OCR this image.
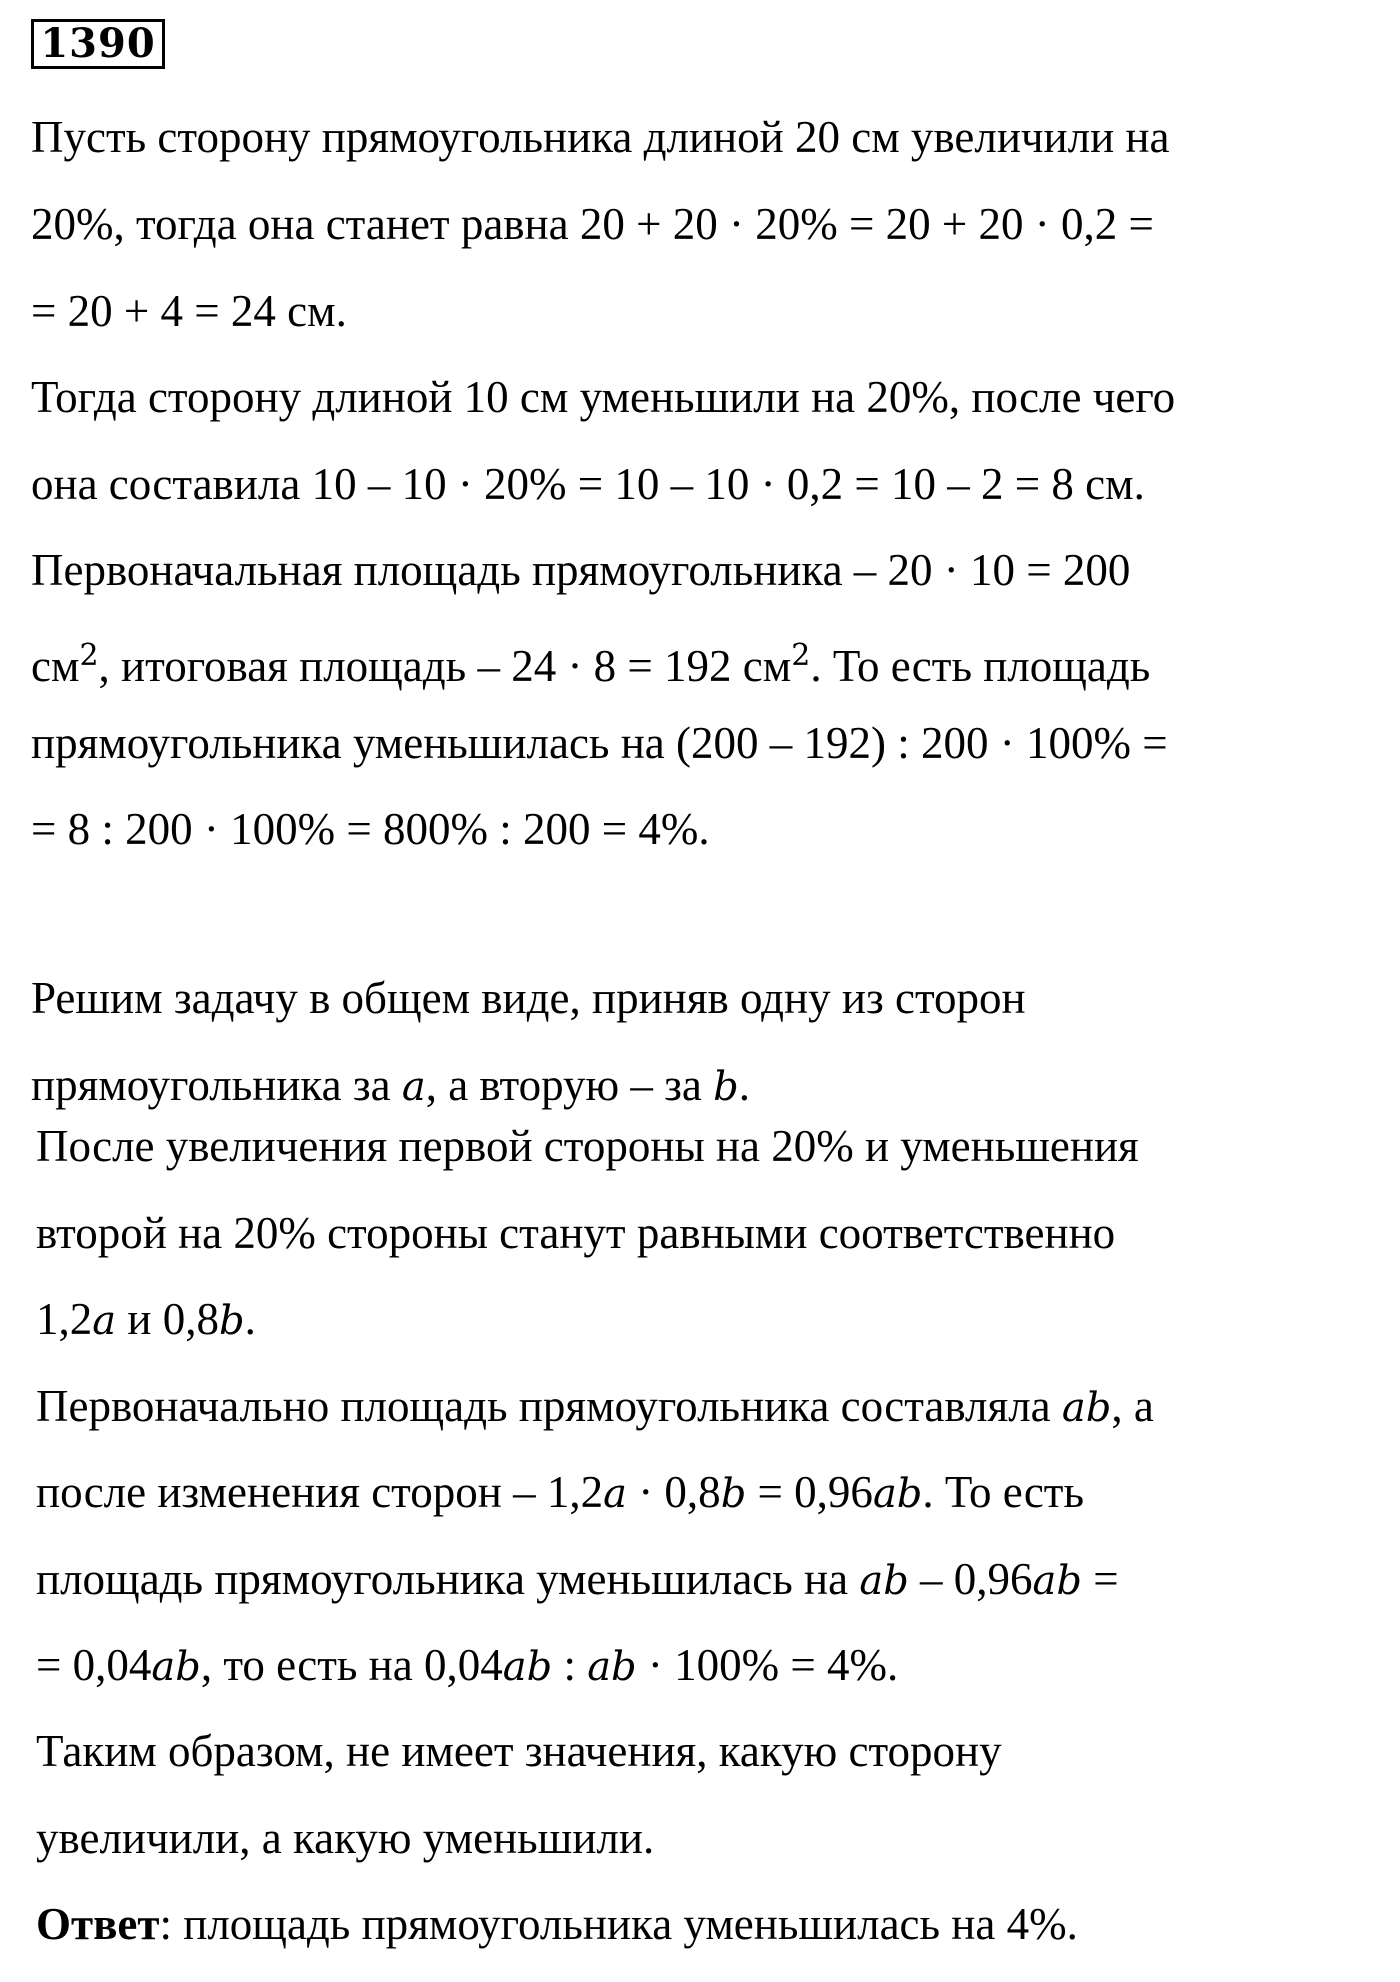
1390
Пусть сторону прямоугольника длиной 20 см увеличили на
20%, тогда она станет равна 20 + 20 · 20% = 20 + 20 · 0,2 =
= 20 + 4 = 24 см.
Тогда сторону длиной 10 см уменьшили на 20%, после чего
она составила 10 – 10 · 20% = 10 – 10 · 0,2 = 10 – 2 = 8 см.
Первоначальная площадь прямоугольника – 20 · 10 = 200
$см^2$, итоговая площадь – 24 · 8 = 192 $см^2$. То есть площадь
прямоугольника уменьшилась на (200 – 192) : 200 · 100% =
= 8 : 200 · 100% = 800% : 200 = 4%.
Решим задачу в общем виде, приняв одну из сторон
прямоугольника за a, а вторую – за b.
После увеличения первой стороны на 20% и уменьшения
второй на 20% стороны станут равными соответственно
1,2a и 0,8b.
Первоначально площадь прямоугольника составляла ab, а
после изменения сторон – 1,2a · 0,8b = 0,96ab. То есть
площадь прямоугольника уменьшилась на ab – 0,96ab =
= 0,04ab, то есть на 0,04ab : ab · 100% = 4%.
Таким образом, не имеет значения, какую сторону
увеличили, а какую уменьшили.
Ответ: площадь прямоугольника уменьшилась на 4%.
